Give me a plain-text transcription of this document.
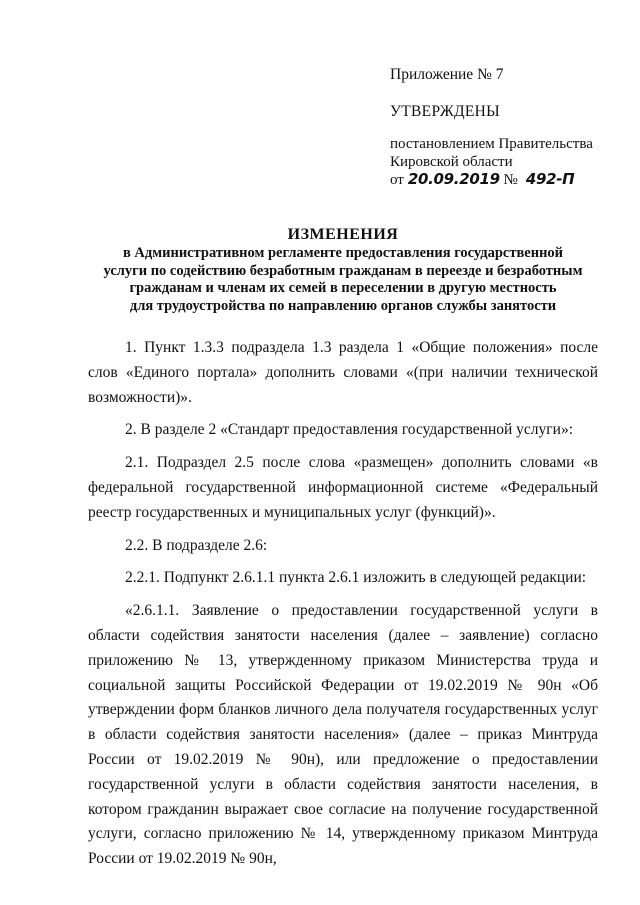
Приложение № 7
УТВЕРЖДЕНЫ
постановлением Правительства
Кировской области
от 20.09.2019 № 492-П
ИЗМЕНЕНИЯ
в Административном регламенте предоставления государственной
услуги по содействию безработным гражданам в переезде и безработным
гражданам и членам их семей в переселении в другую местность
для трудоустройства по направлению органов службы занятости

1. Пункт 1.3.3 подраздела 1.3 раздела 1 «Общие положения» после слов «Единого портала» дополнить словами «(при наличии технической возможности)».

2. В разделе 2 «Стандарт предоставления государственной услуги»:

2.1. Подраздел 2.5 после слова «размещен» дополнить словами «в федеральной государственной информационной системе «Федеральный реестр государственных и муниципальных услуг (функций)».

2.2. В подразделе 2.6:

2.2.1. Подпункт 2.6.1.1 пункта 2.6.1 изложить в следующей редакции:

«2.6.1.1. Заявление о предоставлении государственной услуги в области содействия занятости населения (далее – заявление) согласно приложению № 13, утвержденному приказом Министерства труда и социальной защиты Российской Федерации от 19.02.2019 № 90н «Об утверждении форм бланков личного дела получателя государственных услуг в области содействия занятости населения» (далее – приказ Минтруда России от 19.02.2019 № 90н), или предложение о предоставлении государственной услуги в области содействия занятости населения, в котором гражданин выражает свое согласие на получение государственной услуги, согласно приложению № 14, утвержденному приказом Минтруда России от 19.02.2019 № 90н,
